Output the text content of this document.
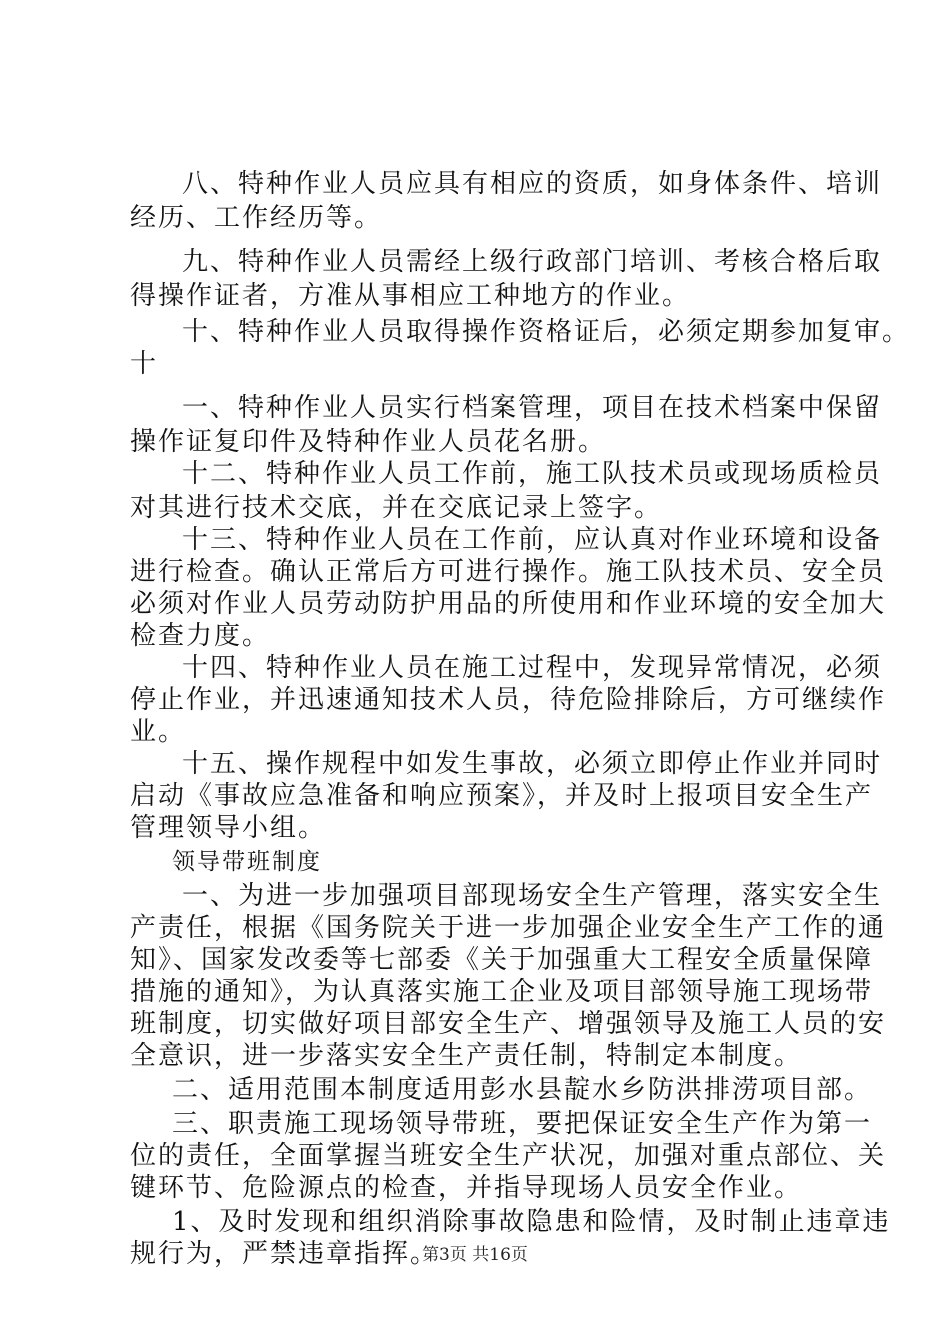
八、特种作业人员应具有相应的资质，如身体条件、培训
经历、工作经历等。
九、特种作业人员需经上级行政部门培训、考核合格后取
得操作证者，方准从事相应工种地方的作业。
十、特种作业人员取得操作资格证后，必须定期参加复审。
十
一、特种作业人员实行档案管理，项目在技术档案中保留
操作证复印件及特种作业人员花名册。
十二、特种作业人员工作前，施工队技术员或现场质检员
对其进行技术交底，并在交底记录上签字。
十三、特种作业人员在工作前，应认真对作业环境和设备
进行检查。确认正常后方可进行操作。施工队技术员、安全员
必须对作业人员劳动防护用品的所使用和作业环境的安全加大
检查力度。
十四、特种作业人员在施工过程中，发现异常情况，必须
停止作业，并迅速通知技术人员，待危险排除后，方可继续作
业。
十五、操作规程中如发生事故，必须立即停止作业并同时
启动《事故应急准备和响应预案》，并及时上报项目安全生产
管理领导小组。
领导带班制度
一、为进一步加强项目部现场安全生产管理，落实安全生
产责任，根据《国务院关于进一步加强企业安全生产工作的通
知》、国家发改委等七部委《关于加强重大工程安全质量保障
措施的通知》，为认真落实施工企业及项目部领导施工现场带
班制度，切实做好项目部安全生产、增强领导及施工人员的安
全意识，进一步落实安全生产责任制，特制定本制度。
二、适用范围本制度适用彭水县靛水乡防洪排涝项目部。
三、职责施工现场领导带班，要把保证安全生产作为第一
位的责任，全面掌握当班安全生产状况，加强对重点部位、关
键环节、危险源点的检查，并指导现场人员安全作业。
1、及时发现和组织消除事故隐患和险情，及时制止违章违
规行为，严禁违章指挥。
第3页 共16页
